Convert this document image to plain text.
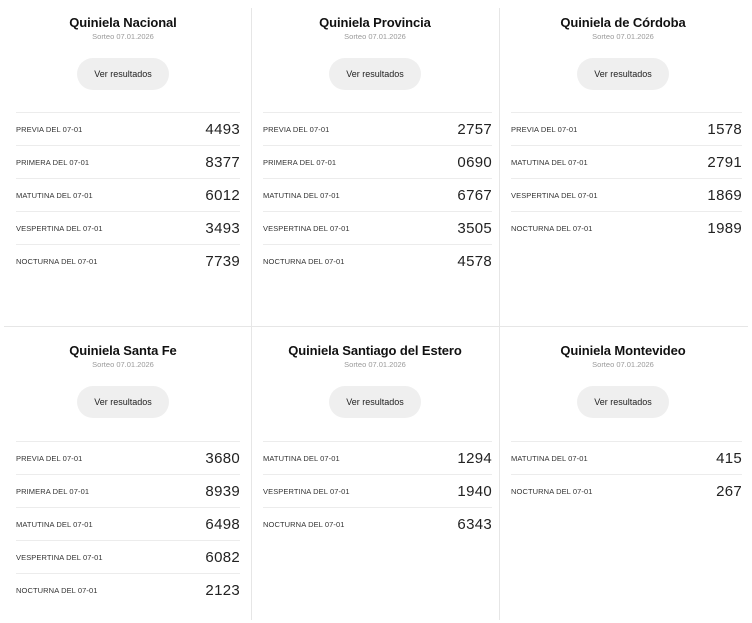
Quiniela Nacional
Sorteo 07.01.2026
Ver resultados
PREVIA DEL 07-01	4493
PRIMERA DEL 07-01	8377
MATUTINA DEL 07-01	6012
VESPERTINA DEL 07-01	3493
NOCTURNA DEL 07-01	7739
Quiniela Provincia
Sorteo 07.01.2026
Ver resultados
PREVIA DEL 07-01	2757
PRIMERA DEL 07-01	0690
MATUTINA DEL 07-01	6767
VESPERTINA DEL 07-01	3505
NOCTURNA DEL 07-01	4578
Quiniela de Córdoba
Sorteo 07.01.2026
Ver resultados
PREVIA DEL 07-01	1578
MATUTINA DEL 07-01	2791
VESPERTINA DEL 07-01	1869
NOCTURNA DEL 07-01	1989
Quiniela Santa Fe
Sorteo 07.01.2026
Ver resultados
PREVIA DEL 07-01	3680
PRIMERA DEL 07-01	8939
MATUTINA DEL 07-01	6498
VESPERTINA DEL 07-01	6082
NOCTURNA DEL 07-01	2123
Quiniela Santiago del Estero
Sorteo 07.01.2026
Ver resultados
MATUTINA DEL 07-01	1294
VESPERTINA DEL 07-01	1940
NOCTURNA DEL 07-01	6343
Quiniela Montevideo
Sorteo 07.01.2026
Ver resultados
MATUTINA DEL 07-01	415
NOCTURNA DEL 07-01	267
